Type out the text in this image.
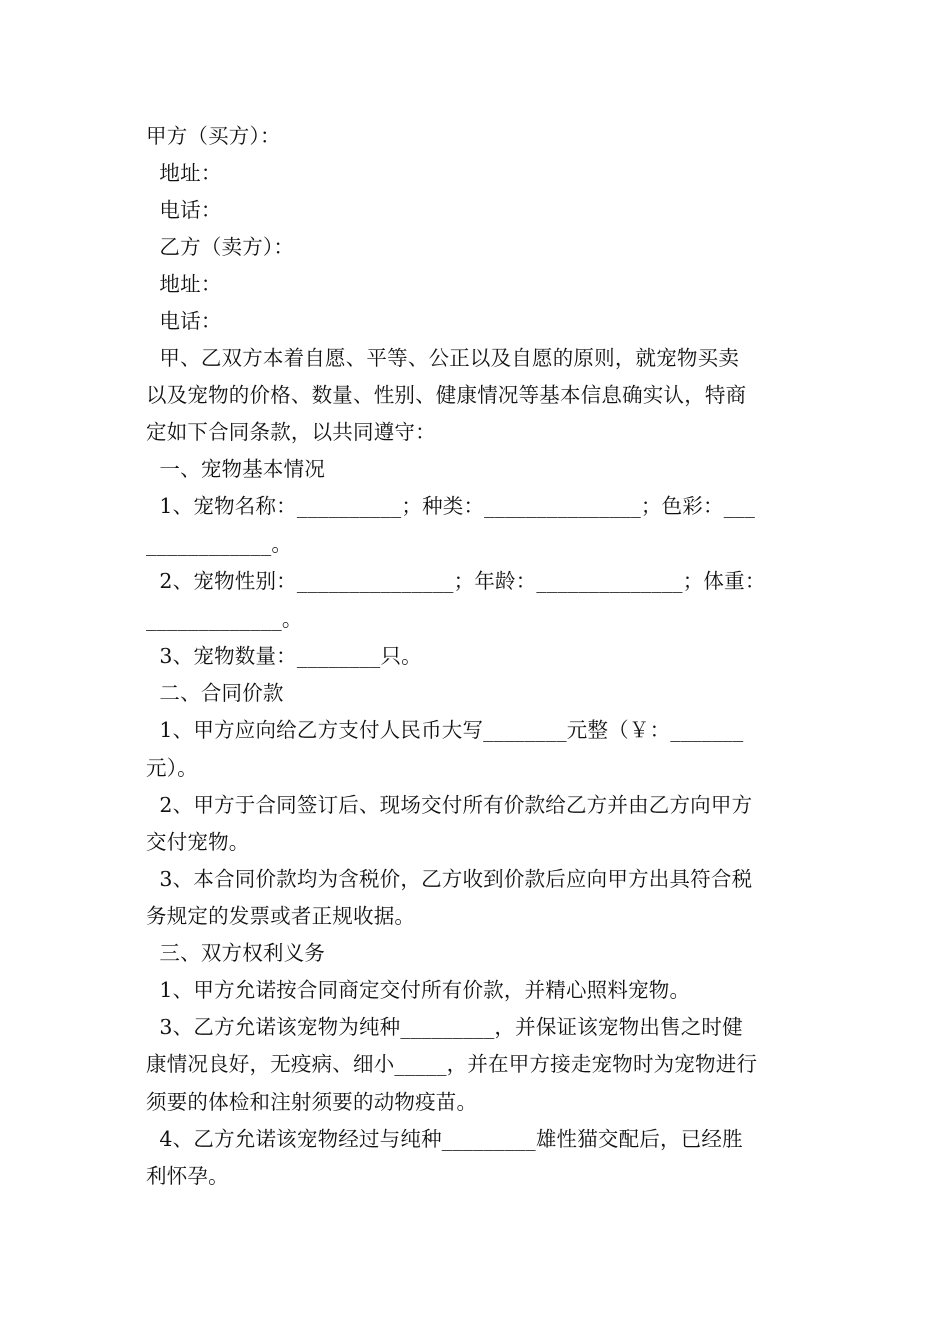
甲方（买方）：
地址：
电话：
乙方（卖方）：
地址：
电话：
甲、乙双方本着自愿、平等、公正以及自愿的原则，就宠物买卖
以及宠物的价格、数量、性别、健康情况等基本信息确实认，特商
定如下合同条款，以共同遵守：
一、宠物基本情况
1、宠物名称：__________；种类：_______________；色彩：___
____________。
2、宠物性别：_______________；年龄：______________；体重：
_____________。
3、宠物数量：________只。
二、合同价款
1、甲方应向给乙方支付人民币大写________元整（￥：_______
元）。
2、甲方于合同签订后、现场交付所有价款给乙方并由乙方向甲方
交付宠物。
3、本合同价款均为含税价，乙方收到价款后应向甲方出具符合税
务规定的发票或者正规收据。
三、双方权利义务
1、甲方允诺按合同商定交付所有价款，并精心照料宠物。
3、乙方允诺该宠物为纯种_________，并保证该宠物出售之时健
康情况良好，无疫病、细小_____，并在甲方接走宠物时为宠物进行
须要的体检和注射须要的动物疫苗。
4、乙方允诺该宠物经过与纯种_________雄性猫交配后，已经胜
利怀孕。
